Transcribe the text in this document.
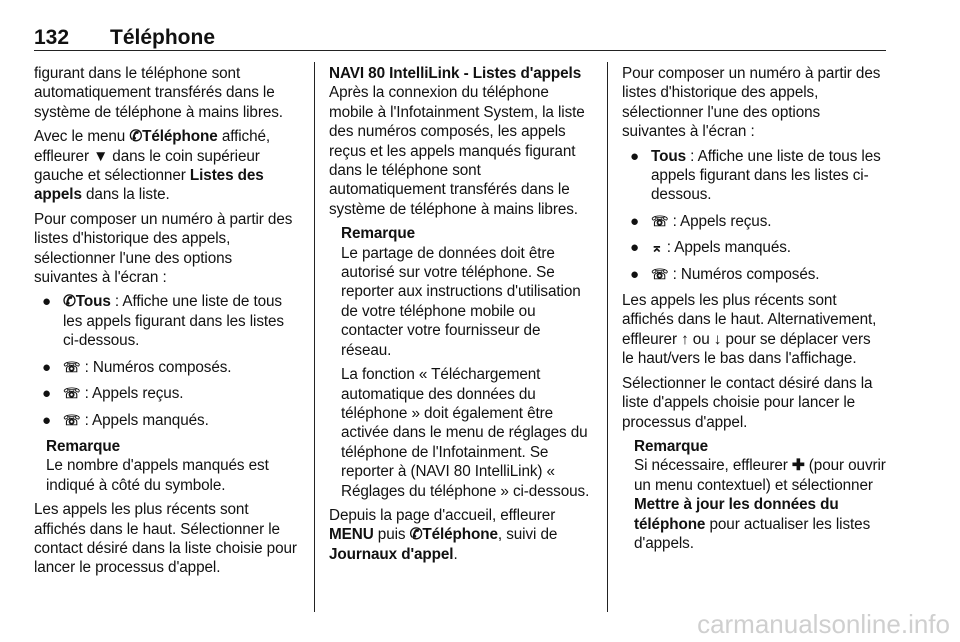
132 Téléphone

figurant dans le téléphone sont automatiquement transférés dans le système de téléphone à mains libres.

Avec le menu ✆Téléphone affiché, effleurer ▼ dans le coin supérieur gauche et sélectionner Listes des appels dans la liste.

Pour composer un numéro à partir des listes d'historique des appels, sélectionner l'une des options suivantes à l'écran :

● ✆Tous : Affiche une liste de tous les appels figurant dans les listes ci-dessous.
● ☏ : Numéros composés.
● ☏ : Appels reçus.
● ☏ : Appels manqués.
Remarque

Le nombre d'appels manqués est indiqué à côté du symbole.

Les appels les plus récents sont affichés dans le haut. Sélectionner le contact désiré dans la liste choisie pour lancer le processus d'appel.

NAVI 80 IntelliLink - Listes d'appels

Après la connexion du téléphone mobile à l'Infotainment System, la liste des numéros composés, les appels reçus et les appels manqués figurant dans le téléphone sont automatiquement transférés dans le système de téléphone à mains libres.

Remarque

Le partage de données doit être autorisé sur votre téléphone. Se reporter aux instructions d'utilisation de votre téléphone mobile ou contacter votre fournisseur de réseau.

La fonction « Téléchargement automatique des données du téléphone » doit également être activée dans le menu de réglages du téléphone de l'Infotainment. Se reporter à (NAVI 80 IntelliLink) « Réglages du téléphone » ci-dessous.

Depuis la page d'accueil, effleurer MENU puis ✆Téléphone, suivi de Journaux d'appel.

Pour composer un numéro à partir des listes d'historique des appels, sélectionner l'une des options suivantes à l'écran :

● Tous : Affiche une liste de tous les appels figurant dans les listes ci-dessous.
● ☏ : Appels reçus.
● ⌅ : Appels manqués.
● ☏ : Numéros composés.

Les appels les plus récents sont affichés dans le haut. Alternativement, effleurer ↑ ou ↓ pour se déplacer vers le haut/vers le bas dans l'affichage.

Sélectionner le contact désiré dans la liste d'appels choisie pour lancer le processus d'appel.

Remarque

Si nécessaire, effleurer ✚ (pour ouvrir un menu contextuel) et sélectionner Mettre à jour les données du téléphone pour actualiser les listes d'appels.

carmanualsonline.info
